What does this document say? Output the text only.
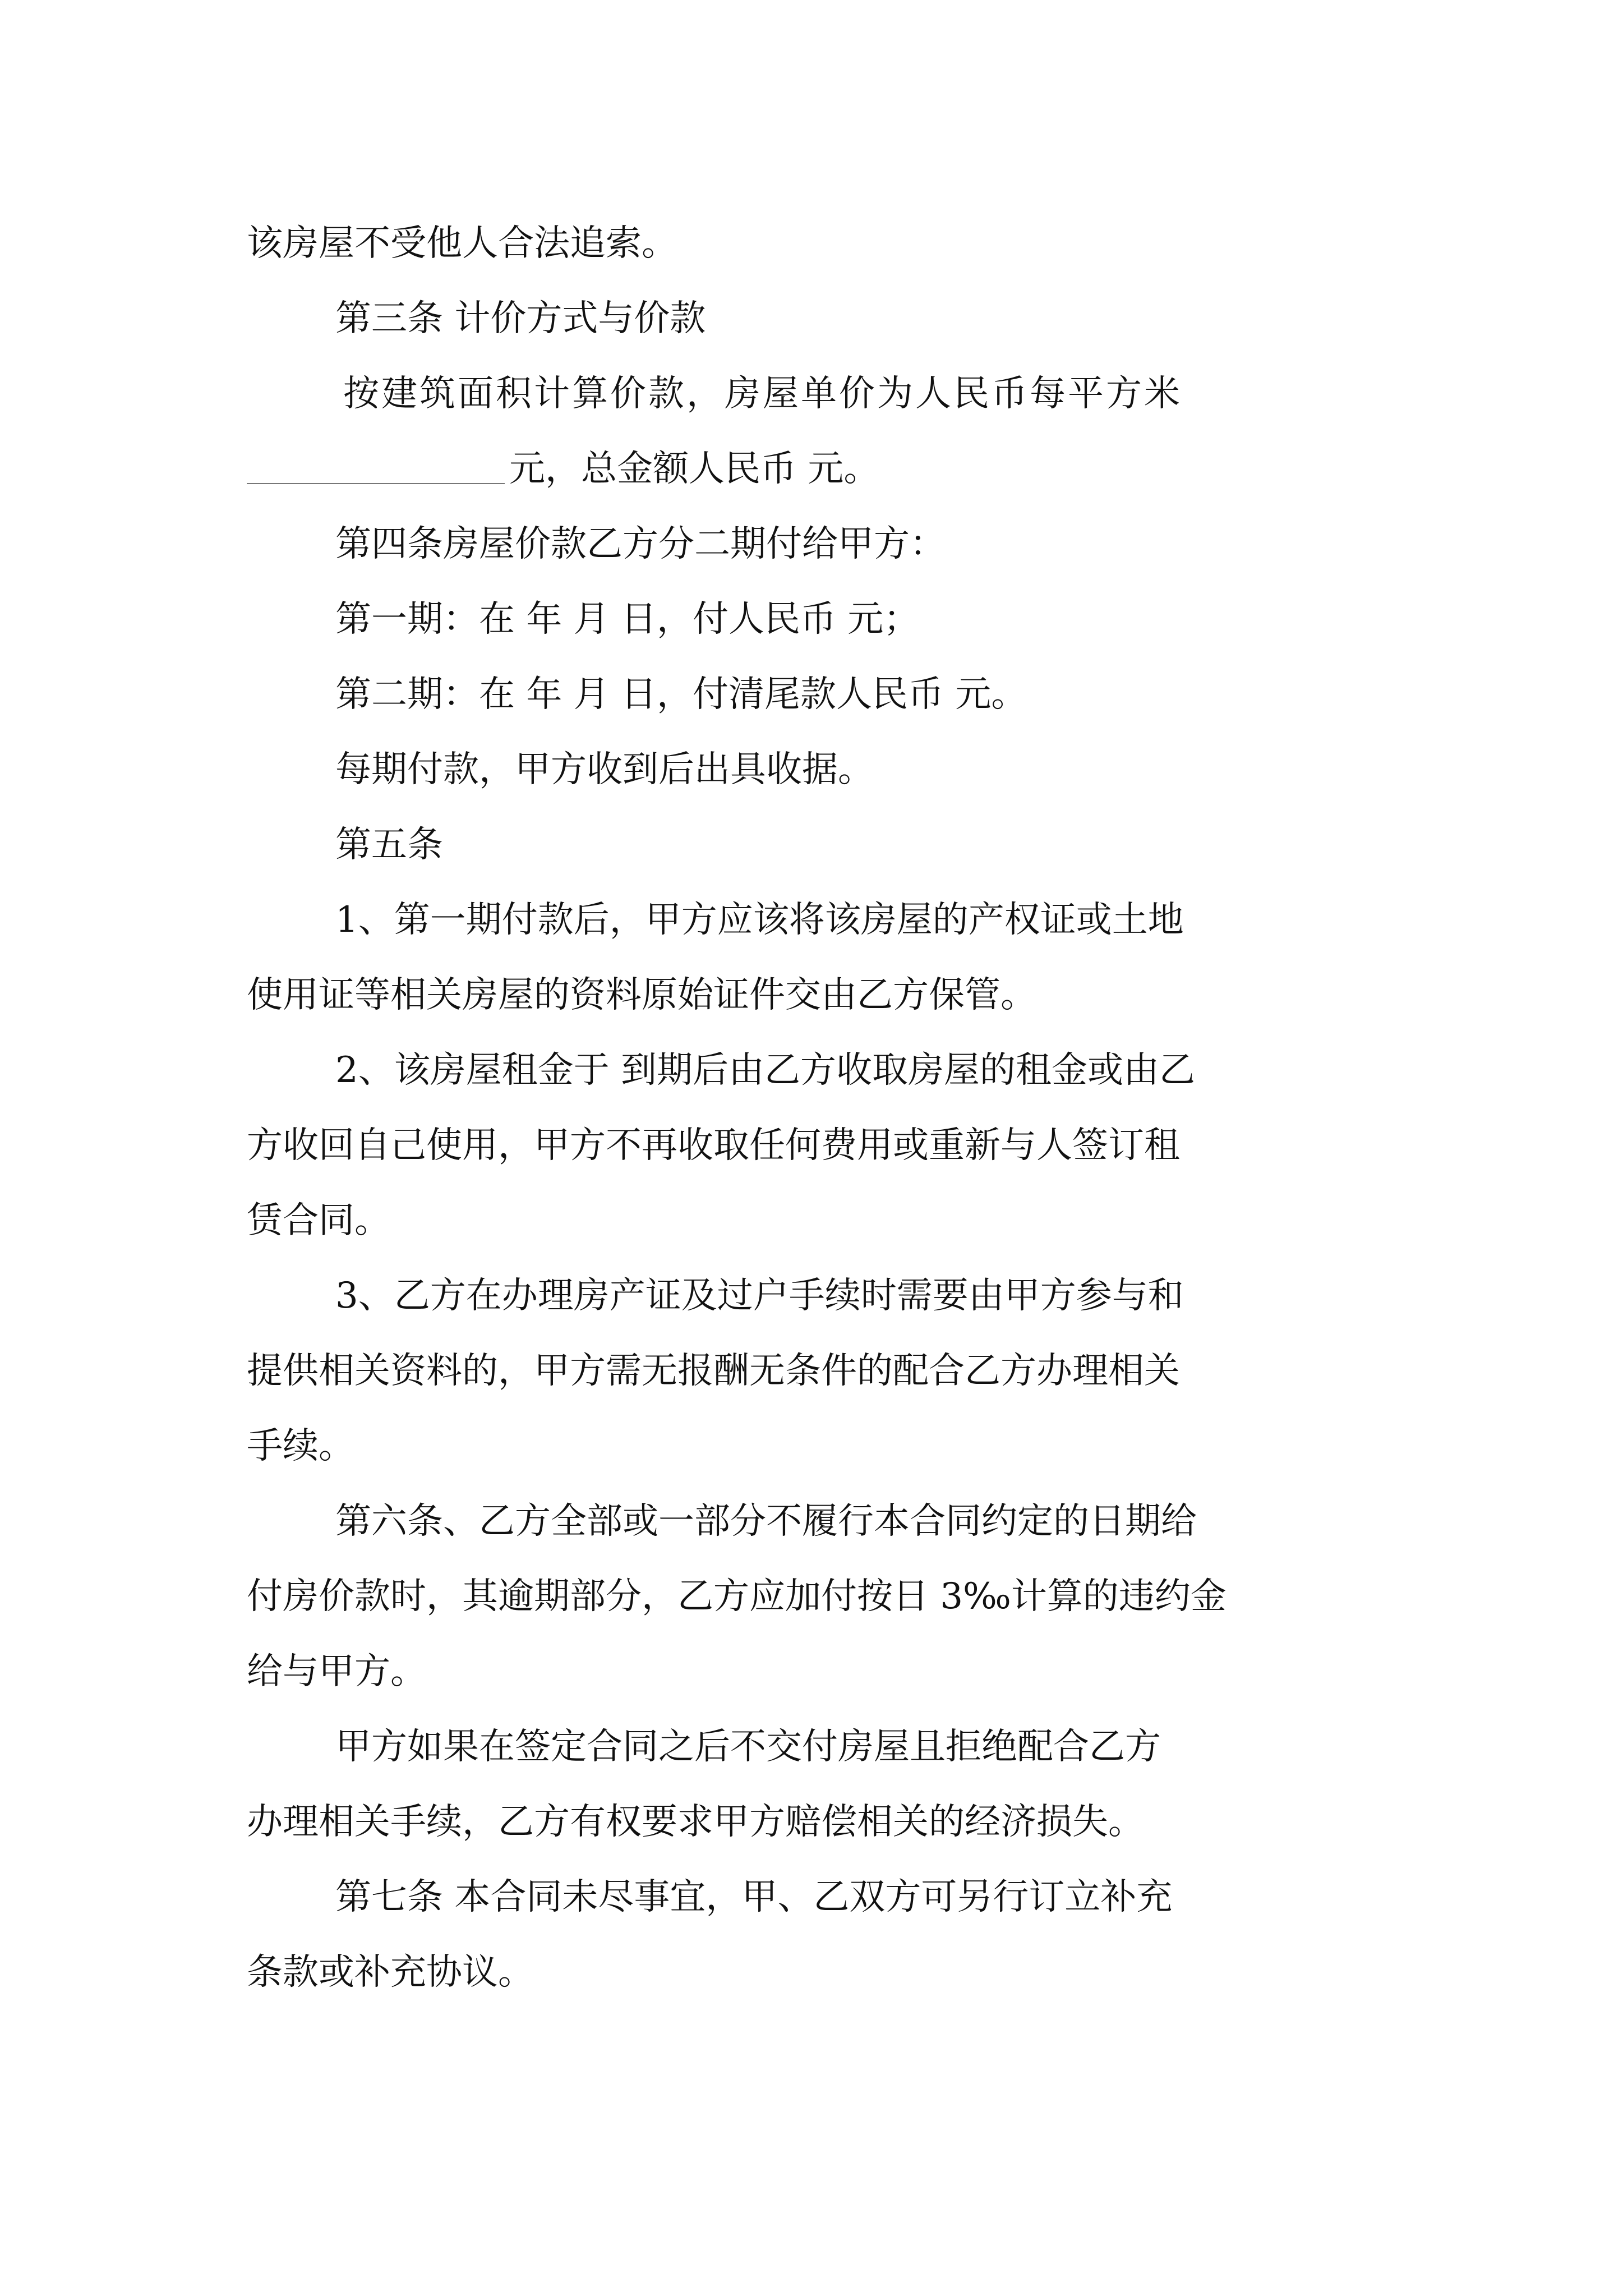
该房屋不受他人合法追索。
第三条 计价方式与价款
按建筑面积计算价款，房屋单价为人民币每平方米
元，总金额人民币 元。
第四条房屋价款乙方分二期付给甲方：
第一期：在 年 月 日，付人民币 元；
第二期：在 年 月 日，付清尾款人民币 元。
每期付款，甲方收到后出具收据。
第五条
1、第一期付款后，甲方应该将该房屋的产权证或土地
使用证等相关房屋的资料原始证件交由乙方保管。
2、该房屋租金于 到期后由乙方收取房屋的租金或由乙
方收回自己使用，甲方不再收取任何费用或重新与人签订租
赁合同。
3、乙方在办理房产证及过户手续时需要由甲方参与和
提供相关资料的，甲方需无报酬无条件的配合乙方办理相关
手续。
第六条、乙方全部或一部分不履行本合同约定的日期给
付房价款时，其逾期部分，乙方应加付按日 3‰计算的违约金
给与甲方。
甲方如果在签定合同之后不交付房屋且拒绝配合乙方
办理相关手续，乙方有权要求甲方赔偿相关的经济损失。
第七条 本合同未尽事宜，甲、乙双方可另行订立补充
条款或补充协议。
